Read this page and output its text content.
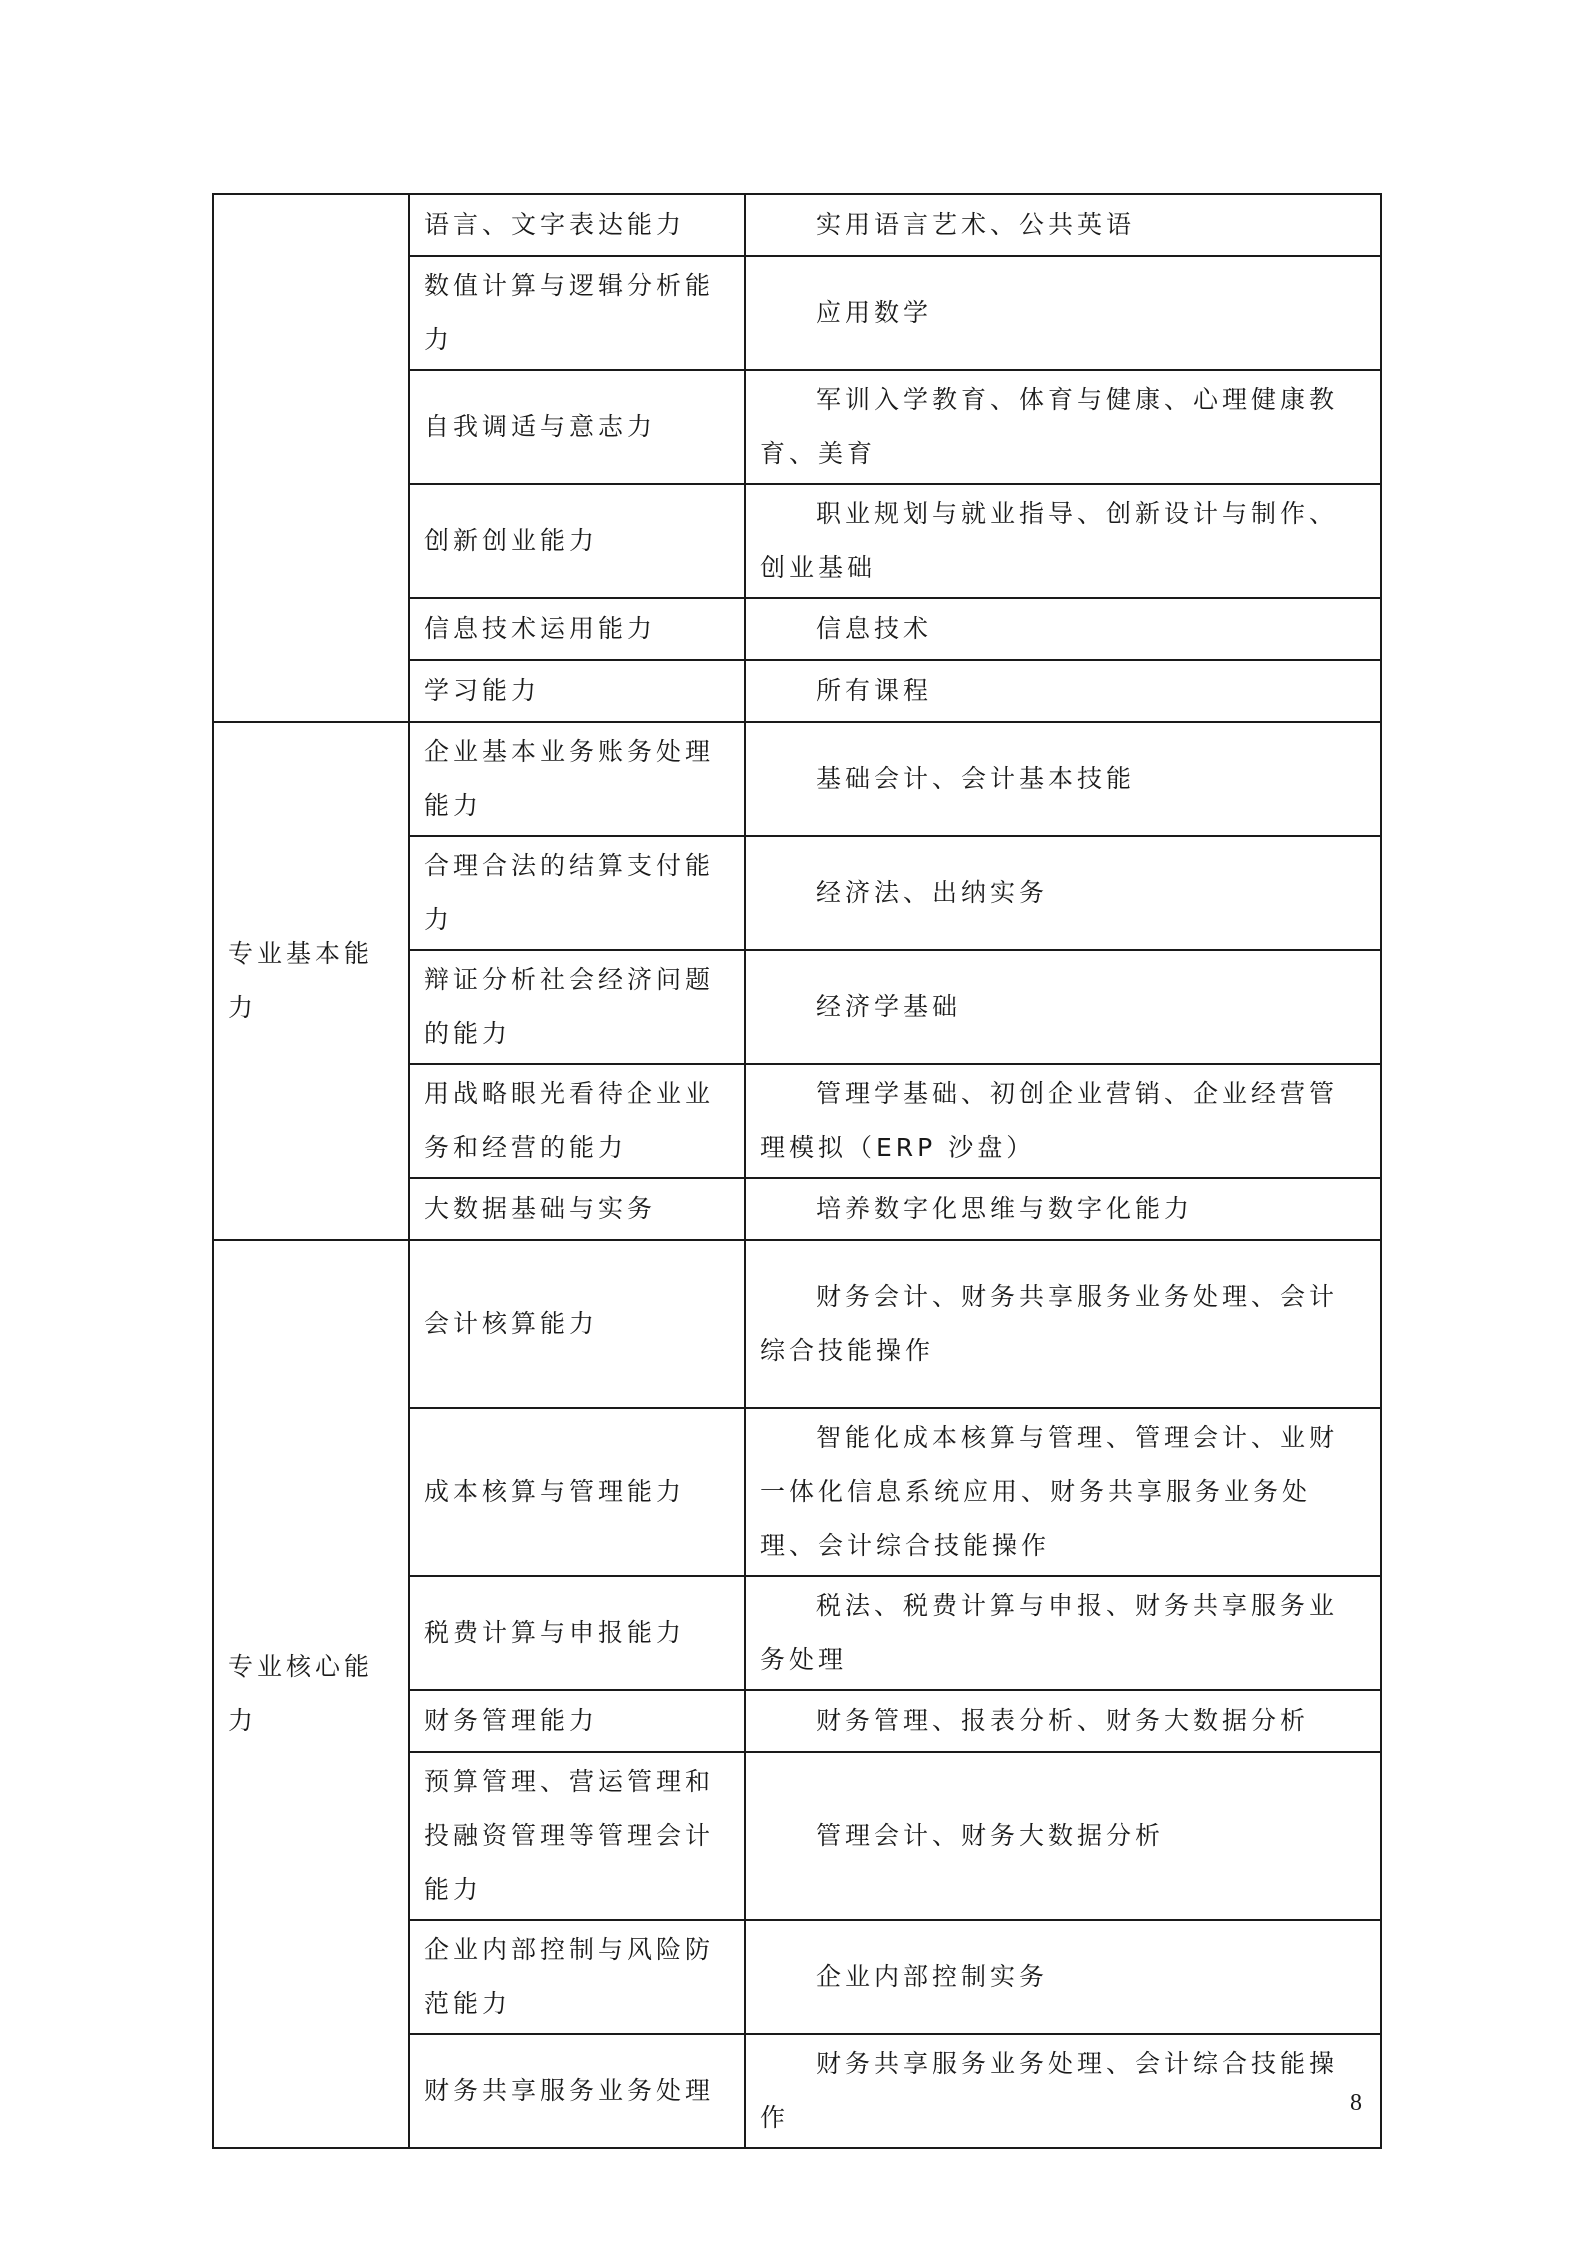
	语言、文字表达能力	实用语言艺术、公共英语
	数值计算与逻辑分析能力	应用数学
	自我调适与意志力	军训入学教育、体育与健康、心理健康教育、美育
	创新创业能力	职业规划与就业指导、创新设计与制作、创业基础
	信息技术运用能力	信息技术
	学习能力	所有课程
专业基本能力	企业基本业务账务处理能力	基础会计、会计基本技能
	合理合法的结算支付能力	经济法、出纳实务
	辩证分析社会经济问题的能力	经济学基础
	用战略眼光看待企业业务和经营的能力	管理学基础、初创企业营销、企业经营管理模拟（ERP 沙盘）
	大数据基础与实务	培养数字化思维与数字化能力
专业核心能力	会计核算能力	财务会计、财务共享服务业务处理、会计综合技能操作
	成本核算与管理能力	智能化成本核算与管理、管理会计、业财一体化信息系统应用、财务共享服务业务处理、会计综合技能操作
	税费计算与申报能力	税法、税费计算与申报、财务共享服务业务处理
	财务管理能力	财务管理、报表分析、财务大数据分析
	预算管理、营运管理和投融资管理等管理会计能力	管理会计、财务大数据分析
	企业内部控制与风险防范能力	企业内部控制实务
	财务共享服务业务处理	财务共享服务业务处理、会计综合技能操作	8
